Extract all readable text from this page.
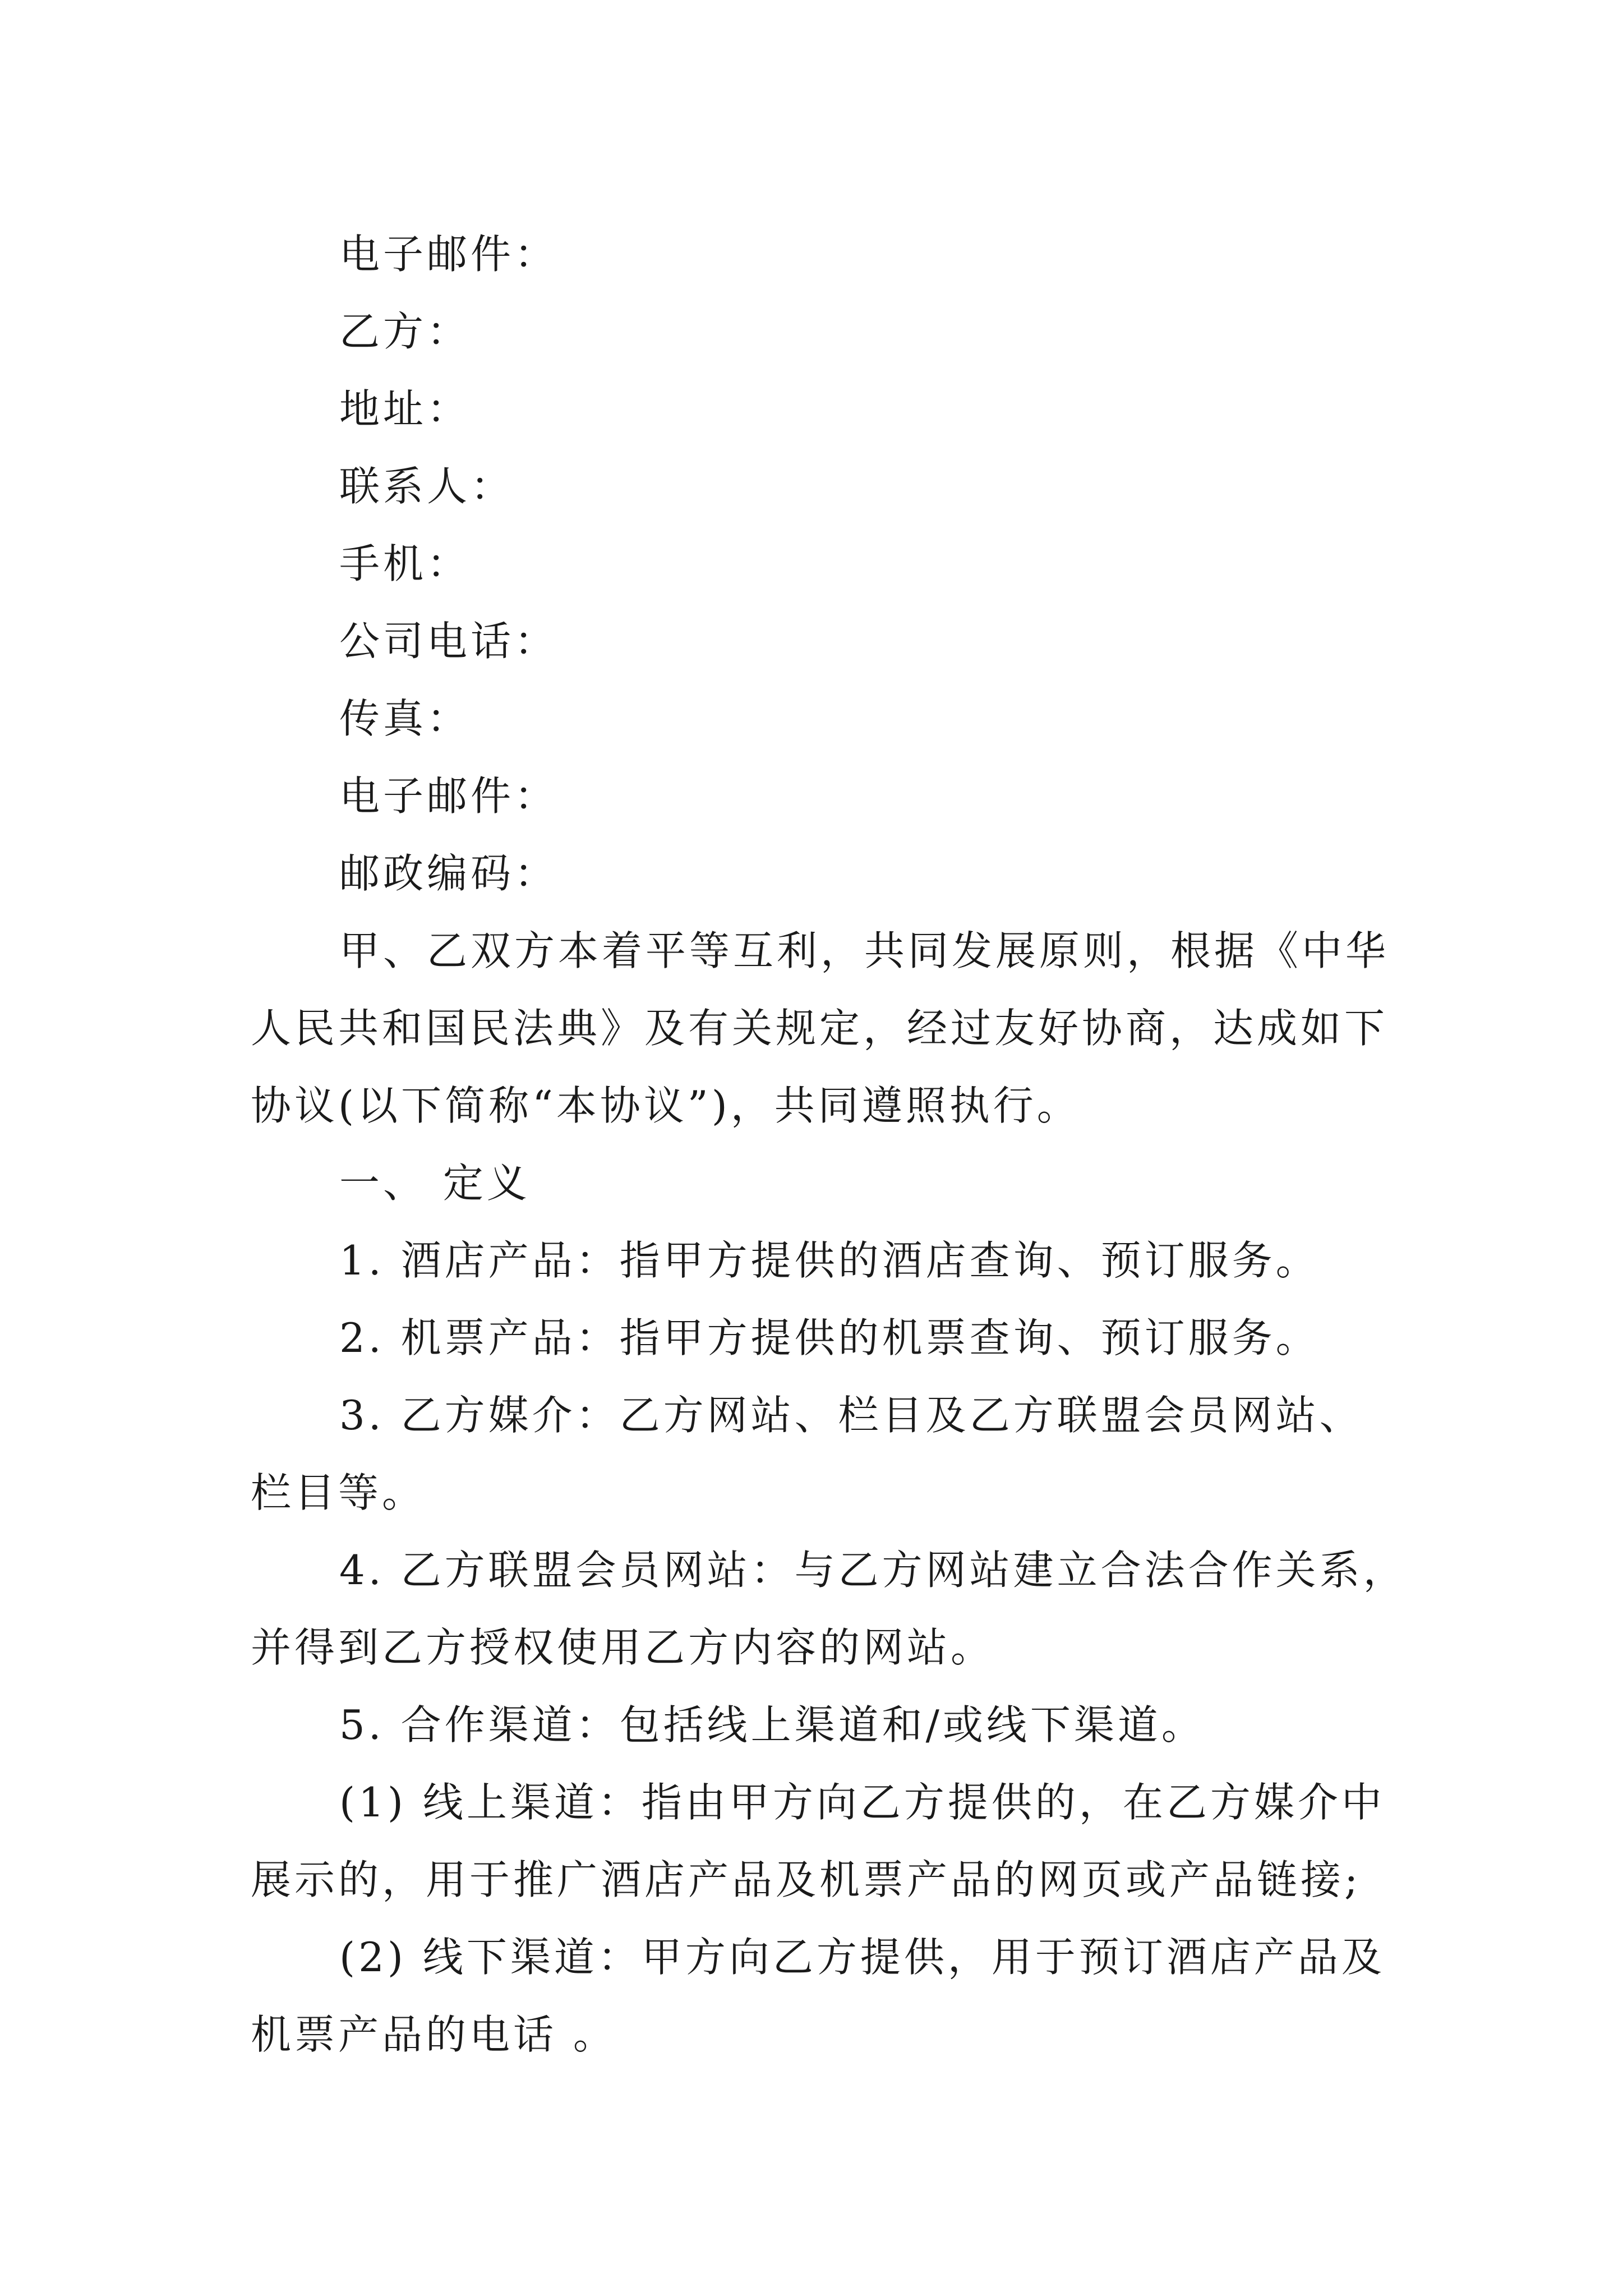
电子邮件：
乙方：
地址：
联系人：
手机：
公司电话：
传真：
电子邮件：
邮政编码：
甲、乙双方本着平等互利，共同发展原则，根据《中华
人民共和国民法典》及有关规定，经过友好协商，达成如下
协议(以下简称“本协议”)，共同遵照执行。
一、 定义
1. 酒店产品：指甲方提供的酒店查询、预订服务。
2. 机票产品：指甲方提供的机票查询、预订服务。
3. 乙方媒介：乙方网站、栏目及乙方联盟会员网站、
栏目等。
4. 乙方联盟会员网站：与乙方网站建立合法合作关系，
并得到乙方授权使用乙方内容的网站。
5. 合作渠道：包括线上渠道和/或线下渠道。
(1) 线上渠道：指由甲方向乙方提供的，在乙方媒介中
展示的，用于推广酒店产品及机票产品的网页或产品链接;
(2) 线下渠道：甲方向乙方提供，用于预订酒店产品及
机票产品的电话 。
